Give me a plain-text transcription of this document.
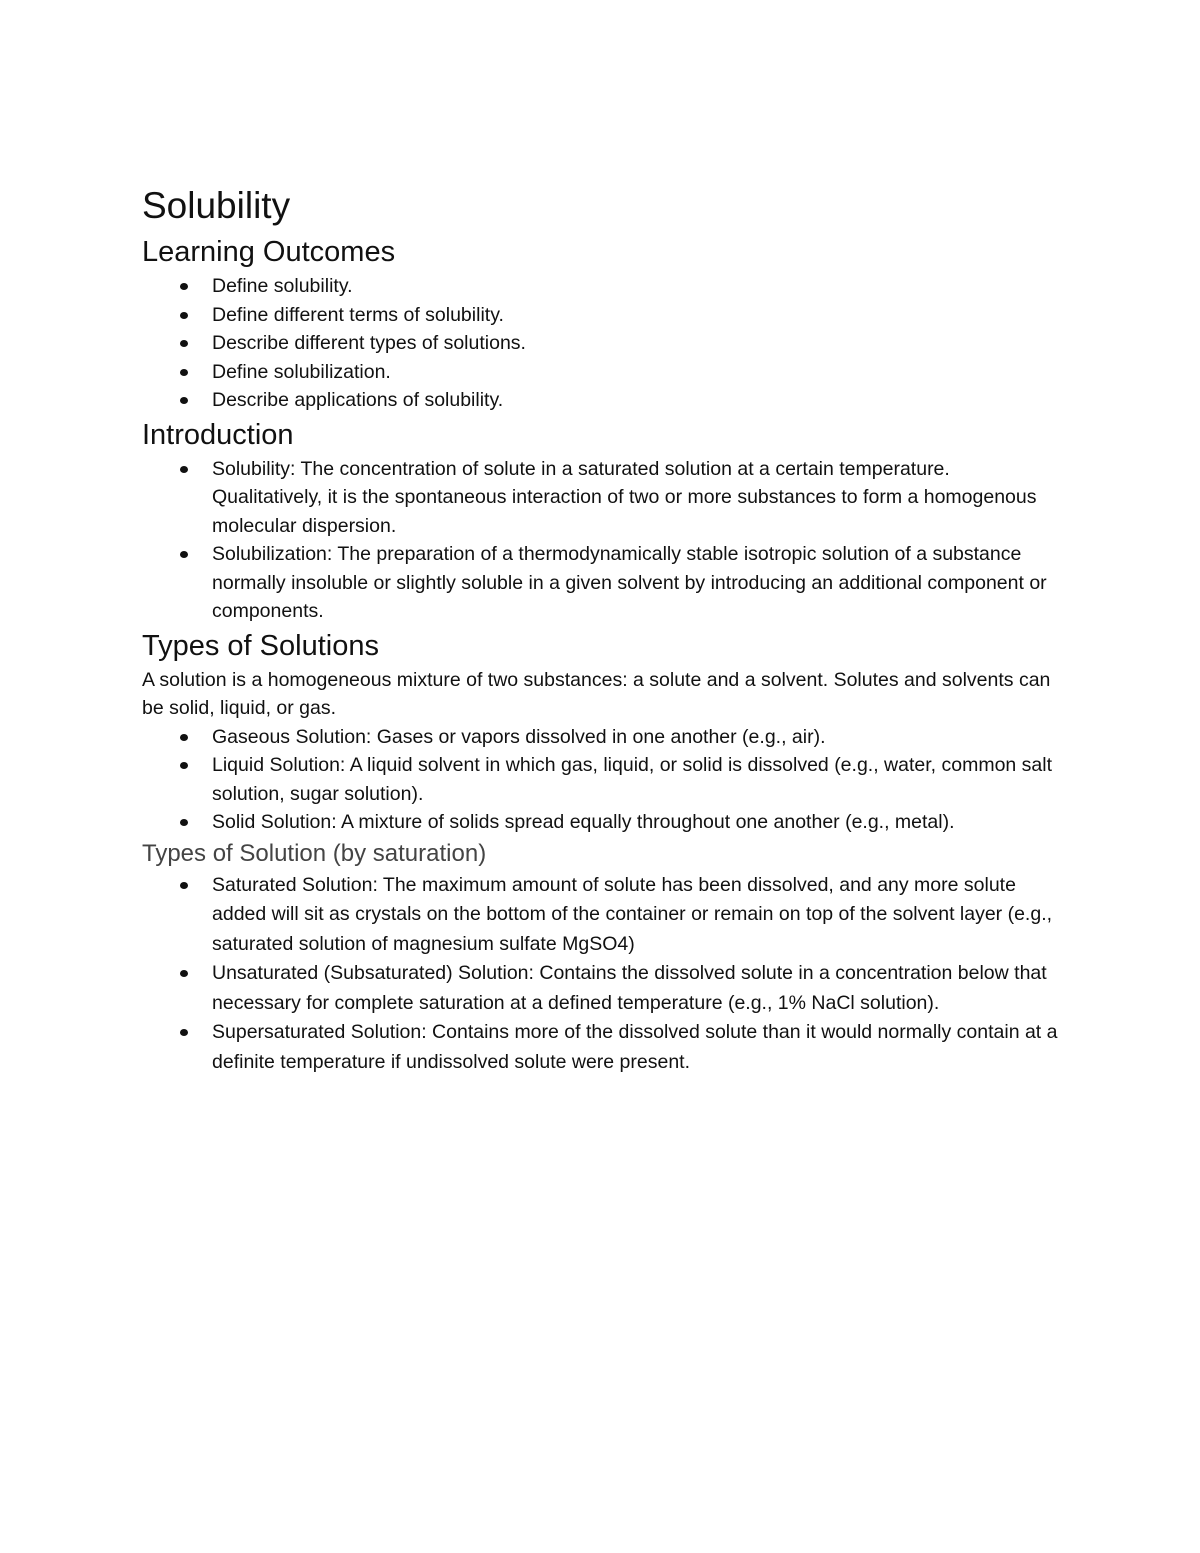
Solubility
Learning Outcomes
Define solubility.
Define different terms of solubility.
Describe different types of solutions.
Define solubilization.
Describe applications of solubility.
Introduction
Solubility: The concentration of solute in a saturated solution at a certain temperature. Qualitatively, it is the spontaneous interaction of two or more substances to form a homogenous molecular dispersion.
Solubilization: The preparation of a thermodynamically stable isotropic solution of a substance normally insoluble or slightly soluble in a given solvent by introducing an additional component or components.
Types of Solutions

A solution is a homogeneous mixture of two substances: a solute and a solvent. Solutes and solvents can be solid, liquid, or gas.

Gaseous Solution: Gases or vapors dissolved in one another (e.g., air).
Liquid Solution: A liquid solvent in which gas, liquid, or solid is dissolved (e.g., water, common salt solution, sugar solution).
Solid Solution: A mixture of solids spread equally throughout one another (e.g., metal).
Types of Solution (by saturation)
Saturated Solution: The maximum amount of solute has been dissolved, and any more solute added will sit as crystals on the bottom of the container or remain on top of the solvent layer (e.g., saturated solution of magnesium sulfate MgSO4)
Unsaturated (Subsaturated) Solution: Contains the dissolved solute in a concentration below that necessary for complete saturation at a defined temperature (e.g., 1% NaCl solution).
Supersaturated Solution: Contains more of the dissolved solute than it would normally contain at a definite temperature if undissolved solute were present.
